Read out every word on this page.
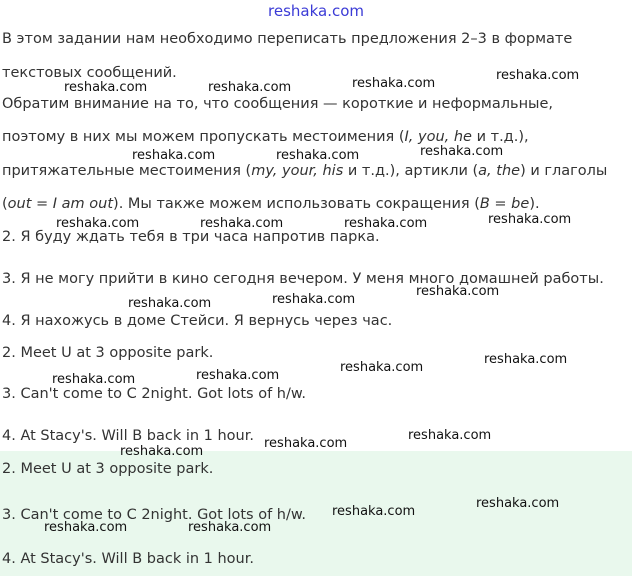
reshaka.com
В этом задании нам необходимо переписать предложения 2–3 в формате
текстовых сообщений.
Обратим внимание на то, что сообщения — короткие и неформальные,
поэтому в них мы можем пропускать местоимения (I, you, he и т.д.),
притяжательные местоимения (my, your, his и т.д.), артикли (a, the) и глаголы
(out = I am out). Мы также можем использовать сокращения (B = be).
2. Я буду ждать тебя в три часа напротив парка.
3. Я не могу прийти в кино сегодня вечером. У меня много домашней работы.
4. Я нахожусь в доме Стейси. Я вернусь через час.
2. Meet U at 3 opposite park.
3. Can't come to C 2night. Got lots of h/w.
4. At Stacy's. Will B back in 1 hour.
2. Meet U at 3 opposite park.
3. Can't come to C 2night. Got lots of h/w.
4. At Stacy's. Will B back in 1 hour.
reshaka.com	reshaka.com	reshaka.com
reshaka.com
reshaka.com	reshaka.com	reshaka.com
reshaka.com	reshaka.com	reshaka.com	reshaka.com
reshaka.com	reshaka.com
reshaka.com
reshaka.com
reshaka.com
reshaka.com
reshaka.com
reshaka.com
reshaka.com
reshaka.com
reshaka.com
reshaka.com
reshaka.com
reshaka.com
